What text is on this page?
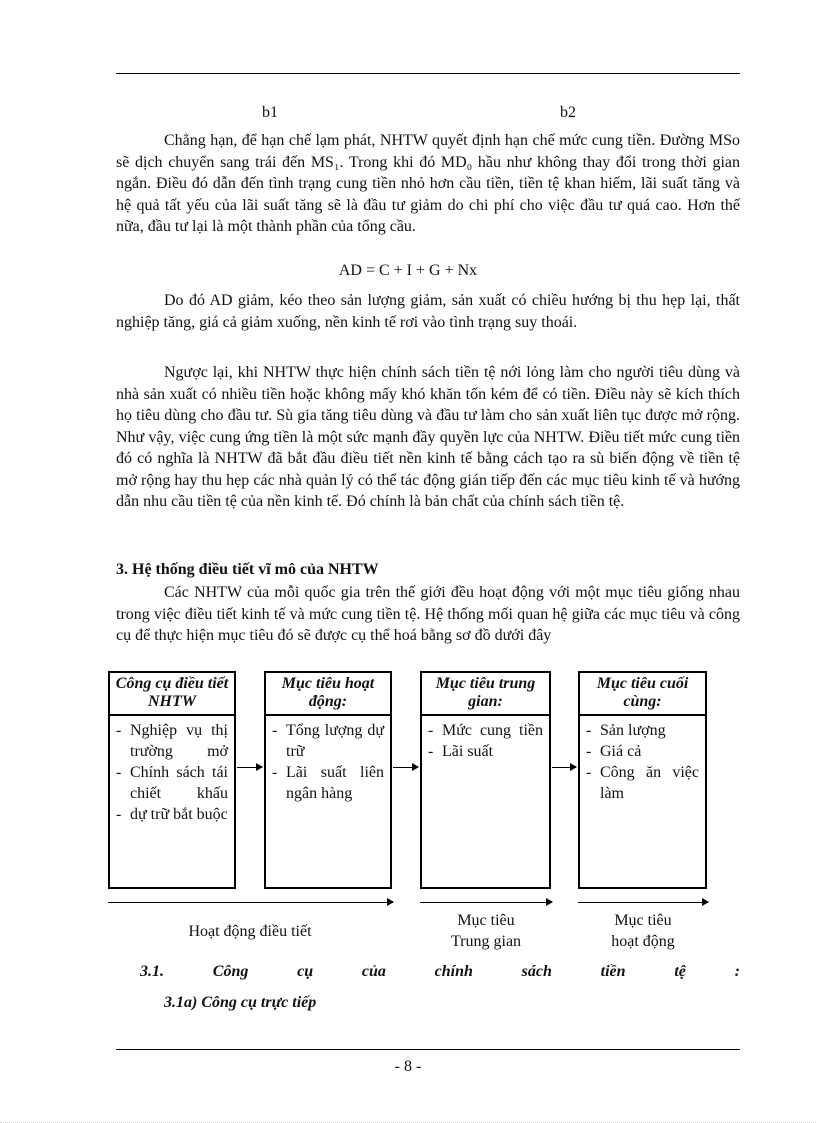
b1	b2
Chẳng hạn, để hạn chế lạm phát, NHTW quyết định hạn chế mức cung tiền. Đường MSo sẽ dịch chuyển sang trái đến MS₁. Trong khi đó MD₀ hầu như không thay đổi trong thời gian ngắn. Điều đó dẫn đến tình trạng cung tiền nhỏ hơn cầu tiền, tiền tệ khan hiếm, lãi suất tăng và hệ quả tất yếu của lãi suất tăng sẽ là đầu tư giảm do chi phí cho việc đầu tư quá cao. Hơn thế nữa, đầu tư lại là một thành phần của tổng cầu.
AD = C + I + G + Nx
Do đó AD giảm, kéo theo sản lượng giảm, sản xuất có chiều hướng bị thu hẹp lại, thất nghiệp tăng, giá cả giảm xuống, nền kinh tế rơi vào tình trạng suy thoái.
Ngược lại, khi NHTW thực hiện chính sách tiền tệ nới lỏng làm cho người tiêu dùng và nhà sản xuất có nhiều tiền hoặc không mấy khó khăn tốn kém để có tiền. Điều này sẽ kích thích họ tiêu dùng cho đầu tư. Sù gia tăng tiêu dùng và đầu tư làm cho sản xuất liên tục được mở rộng. Như vậy, việc cung ứng tiền là một sức mạnh đầy quyền lực của NHTW. Điều tiết mức cung tiền đó có nghĩa là NHTW đã bắt đầu điều tiết nền kinh tế bằng cách tạo ra sù biến động về tiền tệ mở rộng hay thu hẹp các nhà quản lý có thể tác động gián tiếp đến các mục tiêu kinh tế và hướng dẫn nhu cầu tiền tệ của nền kinh tế. Đó chính là bản chất của chính sách tiền tệ.
3. Hệ thống điều tiết vĩ mô của NHTW
Các NHTW của mỗi quốc gia trên thế giới đều hoạt động với một mục tiêu giống nhau trong việc điều tiết kinh tế và mức cung tiền tệ. Hệ thống mối quan hệ giữa các mục tiêu và công cụ để thực hiện mục tiêu đó sẽ được cụ thể hoá bằng sơ đồ dưới đây
Công cụ điều tiết NHTW
- Nghiệp vụ thị trường mở
- Chính sách tái chiết khấu
- dự trữ bắt buộc
Mục tiêu hoạt động:
- Tổng lượng dự trữ
- Lãi suất liên ngân hàng
Mục tiêu trung gian:
- Mức cung tiền
- Lãi suất
Mục tiêu cuối cùng:
- Sản lượng
- Giá cả
- Công ăn việc làm
Hoạt động điều tiết
Mục tiêu
Trung gian
Mục tiêu
hoạt động
3.1.	Công	cụ	của	chính	sách	tiền	tệ	:
3.1a) Công cụ trực tiếp
- 8 -
